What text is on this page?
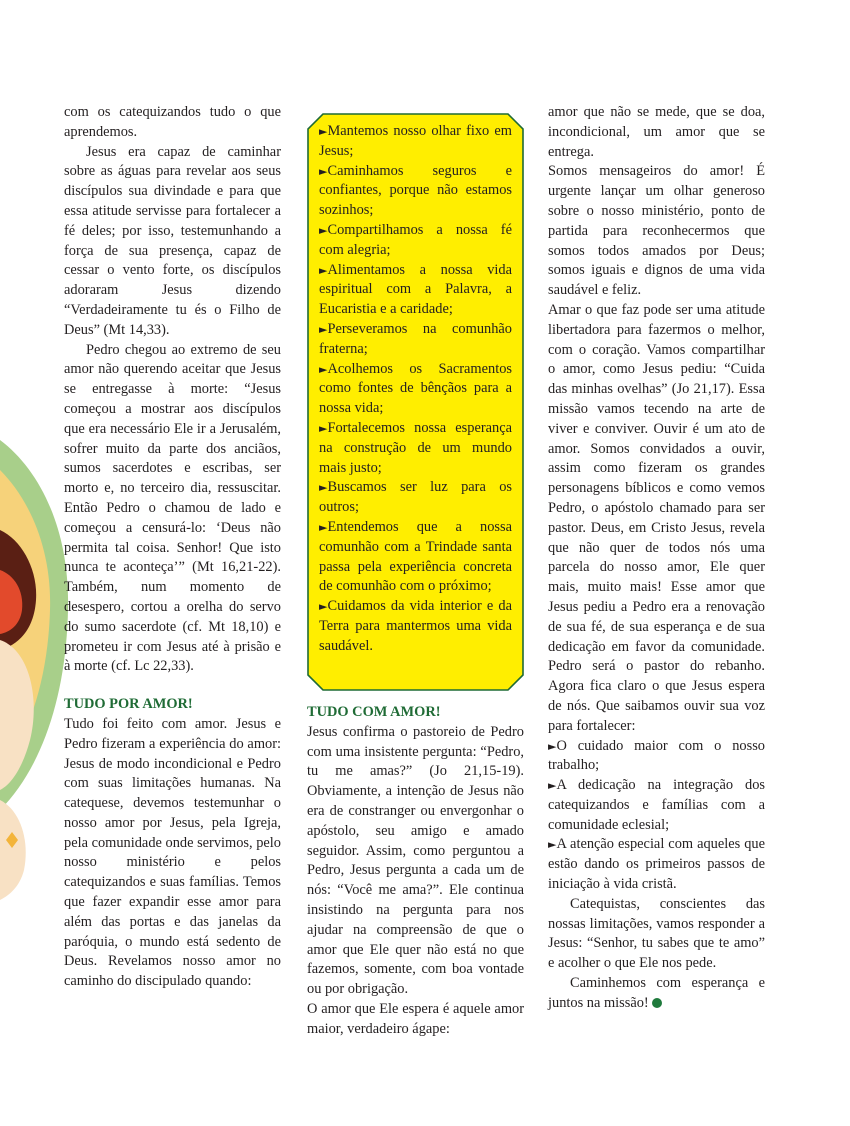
com os catequizandos tudo o que aprendemos.

Jesus era capaz de caminhar sobre as águas para revelar aos seus discípulos sua divindade e para que essa atitude servisse para fortalecer a fé deles; por isso, testemunhando a força de sua presença, capaz de cessar o vento forte, os discípulos adoraram Jesus dizendo “Verdadeiramente tu és o Filho de Deus” (Mt 14,33).

Pedro chegou ao extremo de seu amor não querendo aceitar que Jesus se entregasse à morte: “Jesus começou a mostrar aos discípulos que era necessário Ele ir a Jerusalém, sofrer muito da parte dos anciãos, sumos sacerdotes e escribas, ser morto e, no terceiro dia, ressuscitar. Então Pedro o chamou de lado e começou a censurá-lo: ‘Deus não permita tal coisa. Senhor! Que isto nunca te aconteça’” (Mt 16,21-22). Também, num momento de desespero, cortou a orelha do servo do sumo sacerdote (cf. Mt 18,10) e prometeu ir com Jesus até à prisão e à morte (cf. Lc 22,33).

TUDO POR AMOR!

Tudo foi feito com amor. Jesus e Pedro fizeram a experiência do amor: Jesus de modo incondicional e Pedro com suas limitações humanas. Na catequese, devemos testemunhar o nosso amor por Jesus, pela Igreja, pela comunidade onde servimos, pelo nosso ministério e pelos catequizandos e suas famílias. Temos que fazer expandir esse amor para além das portas e das janelas da paróquia, o mundo está sedento de Deus. Revelamos nosso amor no caminho do discipulado quando:

►Mantemos nosso olhar fixo em Jesus;

►Caminhamos seguros e confiantes, porque não estamos sozinhos;

►Compartilhamos a nossa fé com alegria;

►Alimentamos a nossa vida espiritual com a Palavra, a Eucaristia e a caridade;

►Perseveramos na comunhão fraterna;

►Acolhemos os Sacramentos como fontes de bênçãos para a nossa vida;

►Fortalecemos nossa esperança na construção de um mundo mais justo;

►Buscamos ser luz para os outros;

►Entendemos que a nossa comunhão com a Trindade santa passa pela experiência concreta de comunhão com o próximo;

►Cuidamos da vida interior e da Terra para mantermos uma vida saudável.

TUDO COM AMOR!

Jesus confirma o pastoreio de Pedro com uma insistente pergunta: “Pedro, tu me amas?” (Jo 21,15-19). Obviamente, a intenção de Jesus não era de constranger ou envergonhar o apóstolo, seu amigo e amado seguidor. Assim, como perguntou a Pedro, Jesus pergunta a cada um de nós: “Você me ama?”. Ele continua insistindo na pergunta para nos ajudar na compreensão de que o amor que Ele quer não está no que fazemos, somente, com boa vontade ou por obrigação.

O amor que Ele espera é aquele amor maior, verdadeiro ágape:

amor que não se mede, que se doa, incondicional, um amor que se entrega.

Somos mensageiros do amor! É urgente lançar um olhar generoso sobre o nosso ministério, ponto de partida para reconhecermos que somos todos amados por Deus; somos iguais e dignos de uma vida saudável e feliz.

Amar o que faz pode ser uma atitude libertadora para fazermos o melhor, com o coração. Vamos compartilhar o amor, como Jesus pediu: “Cuida das minhas ovelhas” (Jo 21,17). Essa missão vamos tecendo na arte de viver e conviver. Ouvir é um ato de amor. Somos convidados a ouvir, assim como fizeram os grandes personagens bíblicos e como vemos Pedro, o apóstolo chamado para ser pastor. Deus, em Cristo Jesus, revela que não quer de todos nós uma parcela do nosso amor, Ele quer mais, muito mais! Esse amor que Jesus pediu a Pedro era a renovação de sua fé, de sua esperança e de sua dedicação em favor da comunidade. Pedro será o pastor do rebanho. Agora fica claro o que Jesus espera de nós. Que saibamos ouvir sua voz para fortalecer:

►O cuidado maior com o nosso trabalho;

►A dedicação na integração dos catequizandos e famílias com a comunidade eclesial;

►A atenção especial com aqueles que estão dando os primeiros passos de iniciação à vida cristã.

Catequistas, conscientes das nossas limitações, vamos responder a Jesus: “Senhor, tu sabes que te amo” e acolher o que Ele nos pede.

Caminhemos com esperança e juntos na missão!
